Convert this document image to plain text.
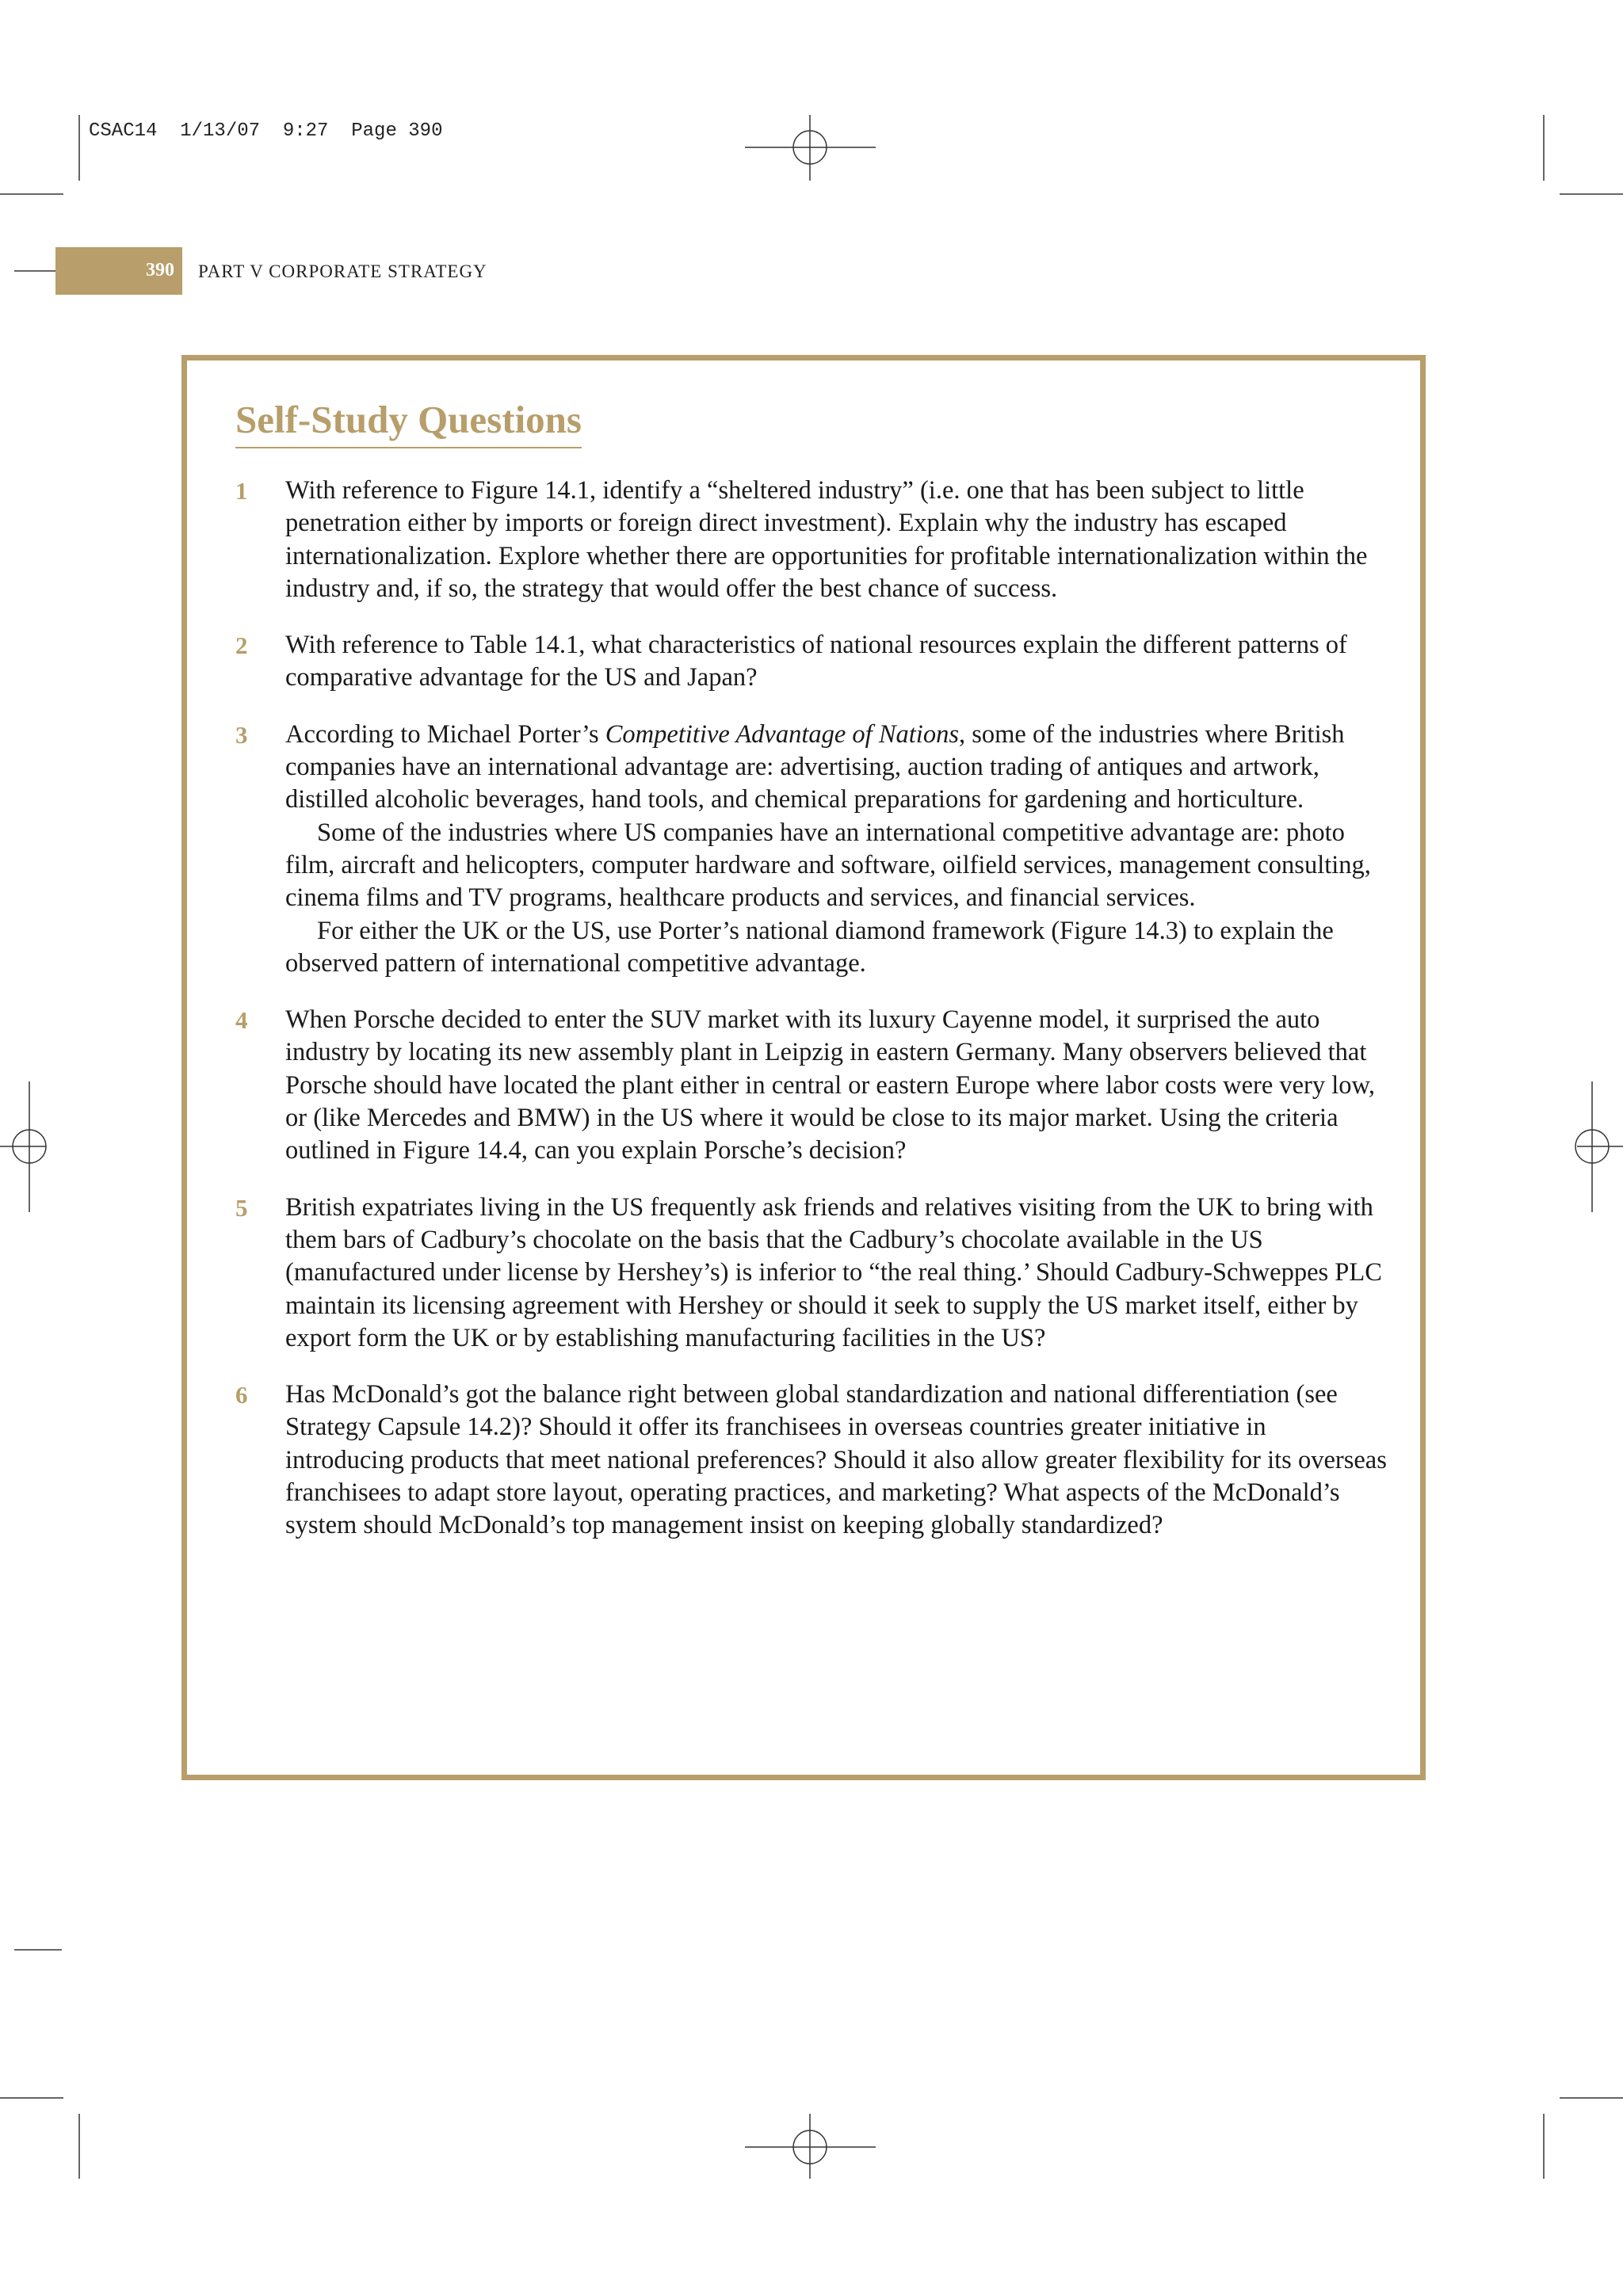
CSAC14  1/13/07  9:27  Page 390
390 PART V CORPORATE STRATEGY
Self-Study Questions
1	With reference to Figure 14.1, identify a “sheltered industry” (i.e. one that has been subject to little penetration either by imports or foreign direct investment). Explain why the industry has escaped internationalization. Explore whether there are opportunities for profitable internationalization within the industry and, if so, the strategy that would offer the best chance of success.

2	With reference to Table 14.1, what characteristics of national resources explain the different patterns of comparative advantage for the US and Japan?

3	According to Michael Porter’s Competitive Advantage of Nations, some of the industries where British companies have an international advantage are: advertising, auction trading of antiques and artwork, distilled alcoholic beverages, hand tools, and chemical preparations for gardening and horticulture.

Some of the industries where US companies have an international competitive advantage are: photo film, aircraft and helicopters, computer hardware and software, oilfield services, management consulting, cinema films and TV programs, healthcare products and services, and financial services.

For either the UK or the US, use Porter’s national diamond framework (Figure 14.3) to explain the observed pattern of international competitive advantage.

4	When Porsche decided to enter the SUV market with its luxury Cayenne model, it surprised the auto industry by locating its new assembly plant in Leipzig in eastern Germany. Many observers believed that Porsche should have located the plant either in central or eastern Europe where labor costs were very low, or (like Mercedes and BMW) in the US where it would be close to its major market. Using the criteria outlined in Figure 14.4, can you explain Porsche’s decision?

5	British expatriates living in the US frequently ask friends and relatives visiting from the UK to bring with them bars of Cadbury’s chocolate on the basis that the Cadbury’s chocolate available in the US (manufactured under license by Hershey’s) is inferior to “the real thing.’ Should Cadbury-Schweppes PLC maintain its licensing agreement with Hershey or should it seek to supply the US market itself, either by export form the UK or by establishing manufacturing facilities in the US?

6	Has McDonald’s got the balance right between global standardization and national differentiation (see Strategy Capsule 14.2)? Should it offer its franchisees in overseas countries greater initiative in introducing products that meet national preferences? Should it also allow greater flexibility for its overseas franchisees to adapt store layout, operating practices, and marketing? What aspects of the McDonald’s system should McDonald’s top management insist on keeping globally standardized?
